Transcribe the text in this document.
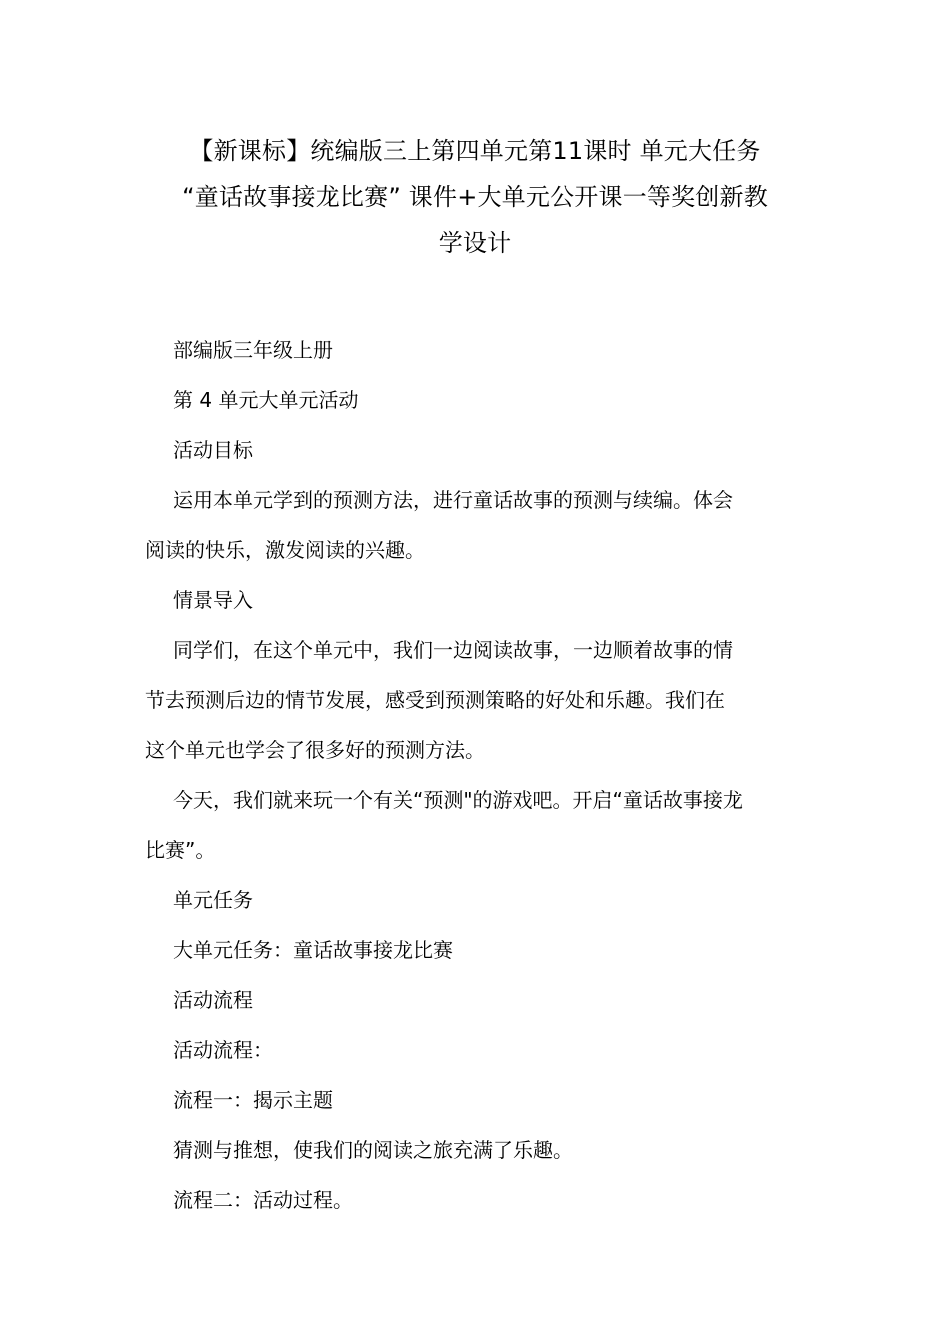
【新课标】统编版三上第四单元第11课时 单元大任务
“童话故事接龙比赛” 课件+大单元公开课一等奖创新教
学设计

部编版三年级上册

第 4 单元大单元活动

活动目标

运用本单元学到的预测方法，进行童话故事的预测与续编。体会
阅读的快乐，激发阅读的兴趣。

情景导入

同学们，在这个单元中，我们一边阅读故事，一边顺着故事的情
节去预测后边的情节发展，感受到预测策略的好处和乐趣。我们在
这个单元也学会了很多好的预测方法。

今天，我们就来玩一个有关“预测"的游戏吧。开启“童话故事接龙
比赛”。

单元任务

大单元任务：童话故事接龙比赛

活动流程

活动流程：

流程一：揭示主题

猜测与推想，使我们的阅读之旅充满了乐趣。

流程二：活动过程。
